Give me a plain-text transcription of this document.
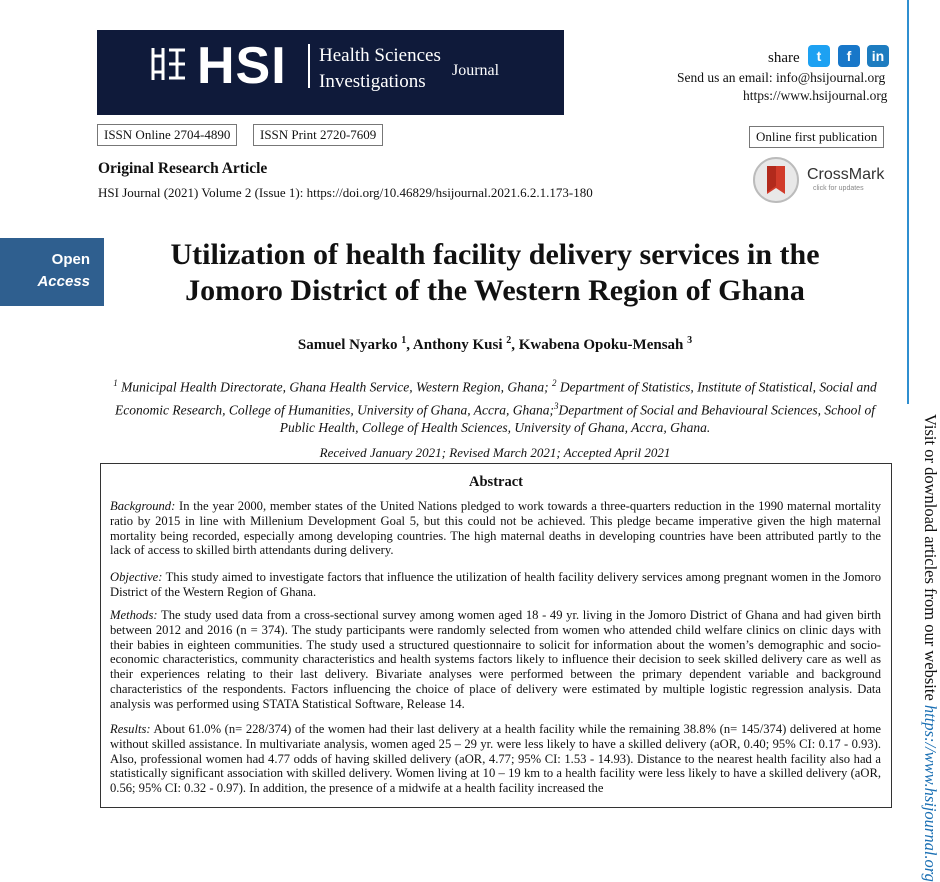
HSI Health Sciences
Investigations
Journal
share	t	f	in
Send us an email: info@hsijournal.org
https://www.hsijournal.org
ISSN Online 2704-4890	ISSN Print 2720-7609	Online first publication
Original Research Article
HSI Journal (2021) Volume 2 (Issue 1): https://doi.org/10.46829/hsijournal.2021.6.2.1.173-180
CrossMark
click for updates
Open
Access
Utilization of health facility delivery services in the
Jomoro District of the Western Region of Ghana
Samuel Nyarko $^1$, Anthony Kusi $^2$, Kwabena Opoku-Mensah $^3$
$^1$ Municipal Health Directorate, Ghana Health Service, Western Region, Ghana; $^2$ Department of Statistics, Institute of Statistical, Social and Economic Research, College of Humanities, University of Ghana, Accra, Ghana;$^3$Department of Social and Behavioural Sciences, School of Public Health, College of Health Sciences, University of Ghana, Accra, Ghana.
Received January 2021; Revised March 2021; Accepted April 2021
Abstract
Background: In the year 2000, member states of the United Nations pledged to work towards a three-quarters reduction in the 1990 maternal mortality ratio by 2015 in line with Millenium Development Goal 5, but this could not be achieved. This pledge became imperative given the high maternal mortality being recorded, especially among developing countries. The high maternal deaths in developing countries have been attributed partly to the lack of access to skilled birth attendants during delivery.
Objective: This study aimed to investigate factors that influence the utilization of health facility delivery services among pregnant women in the Jomoro District of the Western Region of Ghana.
Methods: The study used data from a cross-sectional survey among women aged 18 - 49 yr. living in the Jomoro District of Ghana and had given birth between 2012 and 2016 (n = 374). The study participants were randomly selected from women who attended child welfare clinics on clinic days with their babies in eighteen communities. The study used a structured questionnaire to solicit for information about the women’s demographic and socio-economic characteristics, community characteristics and health systems factors likely to influence their decision to seek skilled delivery care as well as their experiences relating to their last delivery. Bivariate analyses were performed between the primary dependent variable and background characteristics of the respondents. Factors influencing the choice of place of delivery were estimated by multiple logistic regression analysis. Data analysis was performed using STATA Statistical Software, Release 14.
Results: About 61.0% (n= 228/374) of the women had their last delivery at a health facility while the remaining 38.8% (n= 145/374) delivered at home without skilled assistance. In multivariate analysis, women aged 25 – 29 yr. were less likely to have a skilled delivery (aOR, 0.40; 95% CI: 0.17 - 0.93). Also, professional women had 4.77 odds of having skilled delivery (aOR, 4.77; 95% CI: 1.53 - 14.93). Distance to the nearest health facility also had a statistically significant association with skilled delivery. Women living at 10 – 19 km to a health facility were less likely to have a skilled delivery (aOR, 0.56; 95% CI: 0.32 - 0.97). In addition, the presence of a midwife at a health facility increased the
Visit or download articles from our website https://www.hsijournal.org
